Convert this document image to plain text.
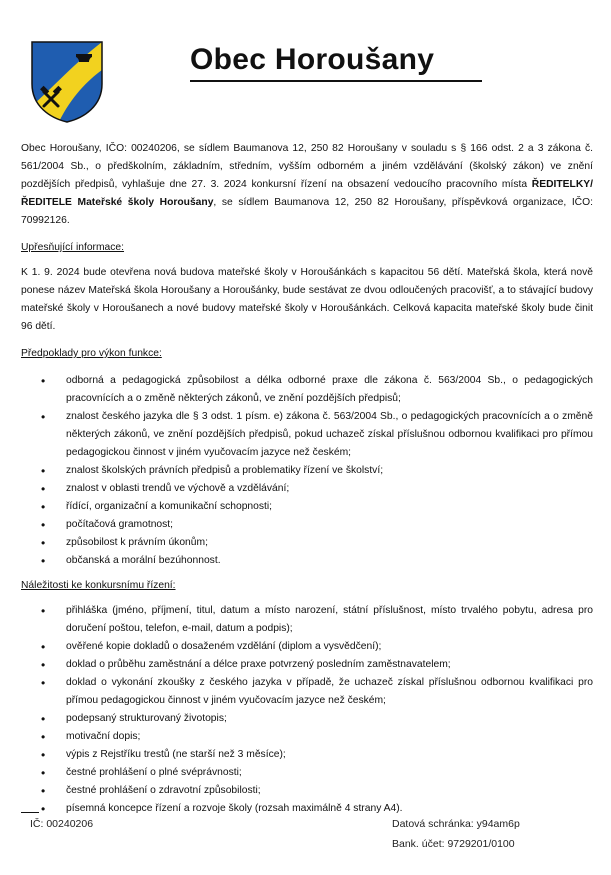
Obec Horoušany

Obec Horoušany, IČO: 00240206, se sídlem Baumanova 12, 250 82 Horoušany v souladu s § 166 odst. 2 a 3 zákona č. 561/2004 Sb., o předškolním, základním, středním, vyšším odborném a jiném vzdělávání (školský zákon) ve znění pozdějších předpisů, vyhlašuje dne 27. 3. 2024 konkursní řízení na obsazení vedoucího pracovního místa ŘEDITELKY/ŘEDITELE Mateřské školy Horoušany, se sídlem Baumanova 12, 250 82 Horoušany, příspěvková organizace, IČO: 70992126.

Upřesňující informace:

K 1. 9. 2024 bude otevřena nová budova mateřské školy v Horoušánkách s kapacitou 56 dětí. Mateřská škola, která nově ponese název Mateřská škola Horoušany a Horoušánky, bude sestávat ze dvou odloučených pracovišť, a to stávající budovy mateřské školy v Horoušanech a nové budovy mateřské školy v Horoušánkách. Celková kapacita mateřské školy bude činit 96 dětí.

Předpoklady pro výkon funkce:

• odborná a pedagogická způsobilost a délka odborné praxe dle zákona č. 563/2004 Sb., o pedagogických pracovnících a o změně některých zákonů, ve znění pozdějších předpisů;
• znalost českého jazyka dle § 3 odst. 1 písm. e) zákona č. 563/2004 Sb., o pedagogických pracovnících a o změně některých zákonů, ve znění pozdějších předpisů, pokud uchazeč získal příslušnou odbornou kvalifikaci pro přímou pedagogickou činnost v jiném vyučovacím jazyce než českém;
• znalost školských právních předpisů a problematiky řízení ve školství;
• znalost v oblasti trendů ve výchově a vzdělávání;
• řídící, organizační a komunikační schopnosti;
• počítačová gramotnost;
• způsobilost k právním úkonům;
• občanská a morální bezúhonnost.

Náležitosti ke konkursnímu řízení:

• přihláška (jméno, příjmení, titul, datum a místo narození, státní příslušnost, místo trvalého pobytu, adresa pro doručení poštou, telefon, e-mail, datum a podpis);
• ověřené kopie dokladů o dosaženém vzdělání (diplom a vysvědčení);
• doklad o průběhu zaměstnání a délce praxe potvrzený posledním zaměstnavatelem;
• doklad o vykonání zkoušky z českého jazyka v případě, že uchazeč získal příslušnou odbornou kvalifikaci pro přímou pedagogickou činnost v jiném vyučovacím jazyce než českém;
• podepsaný strukturovaný životopis;
• motivační dopis;
• výpis z Rejstříku trestů (ne starší než 3 měsíce);
• čestné prohlášení o plné svéprávnosti;
• čestné prohlášení o zdravotní způsobilosti;
• písemná koncepce řízení a rozvoje školy (rozsah maximálně 4 strany A4).
IČ: 00240206	Datová schránka: y94am6p
Bank. účet: 9729201/0100
